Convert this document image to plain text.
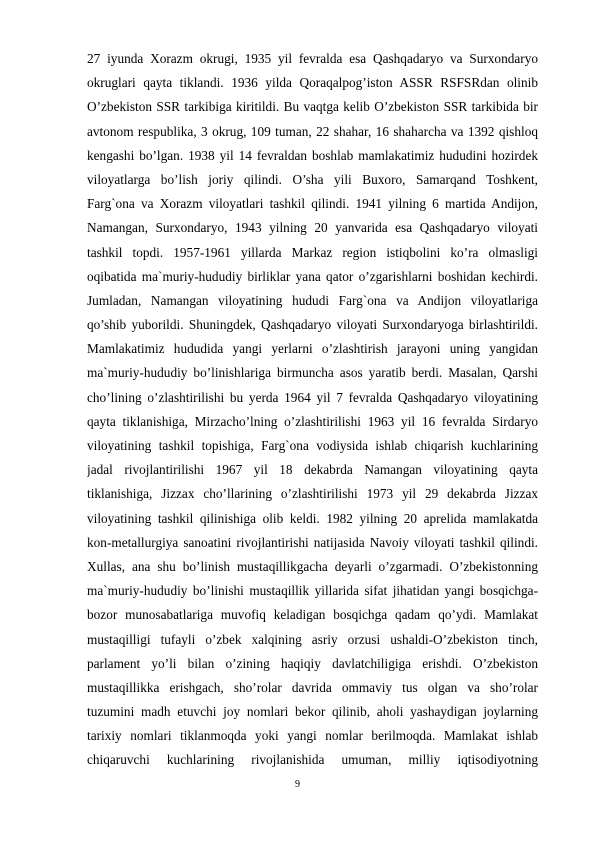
27 iyunda Xorazm okrugi, 1935 yil fevralda esa Qashqadaryo va Surxondaryo
okruglari qayta tiklandi. 1936 yilda Qoraqalpog’iston ASSR RSFSRdan olinib
O’zbekiston SSR tarkibiga kiritildi. Bu vaqtga kelib O’zbekiston SSR tarkibida bir
avtonom respublika, 3 okrug, 109 tuman, 22 shahar, 16 shaharcha va 1392 qishloq
kengashi bo’lgan. 1938 yil 14 fevraldan boshlab mamlakatimiz hududini hozirdek
viloyatlarga bo’lish joriy qilindi. O’sha yili Buxoro, Samarqand Toshkent,
Farg`ona va Xorazm viloyatlari tashkil qilindi. 1941 yilning 6 martida Andijon,
Namangan, Surxondaryo, 1943 yilning 20 yanvarida esa Qashqadaryo viloyati
tashkil topdi. 1957-1961 yillarda Markaz region istiqbolini ko’ra olmasligi
oqibatida ma`muriy-hududiy birliklar yana qator o’zgarishlarni boshidan kechirdi.
Jumladan, Namangan viloyatining hududi Farg`ona va Andijon viloyatlariga
qo’shib yuborildi. Shuningdek, Qashqadaryo viloyati Surxondaryoga birlashtirildi.
Mamlakatimiz hududida yangi yerlarni o’zlashtirish jarayoni uning yangidan
ma`muriy-hududiy bo’linishlariga birmuncha asos yaratib berdi. Masalan, Qarshi
cho’lining o’zlashtirilishi bu yerda 1964 yil 7 fevralda Qashqadaryo viloyatining
qayta tiklanishiga, Mirzacho’lning o’zlashtirilishi 1963 yil 16 fevralda Sirdaryo
viloyatining tashkil topishiga, Farg`ona vodiysida ishlab chiqarish kuchlarining
jadal rivojlantirilishi 1967 yil 18 dekabrda Namangan viloyatining qayta
tiklanishiga, Jizzax cho’llarining o’zlashtirilishi 1973 yil 29 dekabrda Jizzax
viloyatining tashkil qilinishiga olib keldi. 1982 yilning 20 aprelida mamlakatda
kon-metallurgiya sanoatini rivojlantirishi natijasida Navoiy viloyati tashkil qilindi.
Xullas, ana shu bo’linish mustaqillikgacha deyarli o’zgarmadi. O’zbekistonning
ma`muriy-hududiy bo’linishi mustaqillik yillarida sifat jihatidan yangi bosqichga-
bozor munosabatlariga muvofiq keladigan bosqichga qadam qo’ydi. Mamlakat
mustaqilligi tufayli o’zbek xalqining asriy orzusi ushaldi-O’zbekiston tinch,
parlament yo’li bilan o’zining haqiqiy davlatchiligiga erishdi. O’zbekiston
mustaqillikka erishgach, sho’rolar davrida ommaviy tus olgan va sho’rolar
tuzumini madh etuvchi joy nomlari bekor qilinib, aholi yashaydigan joylarning
tarixiy nomlari tiklanmoqda yoki yangi nomlar berilmoqda. Mamlakat ishlab
chiqaruvchi kuchlarining rivojlanishida umuman, milliy iqtisodiyotning
9
